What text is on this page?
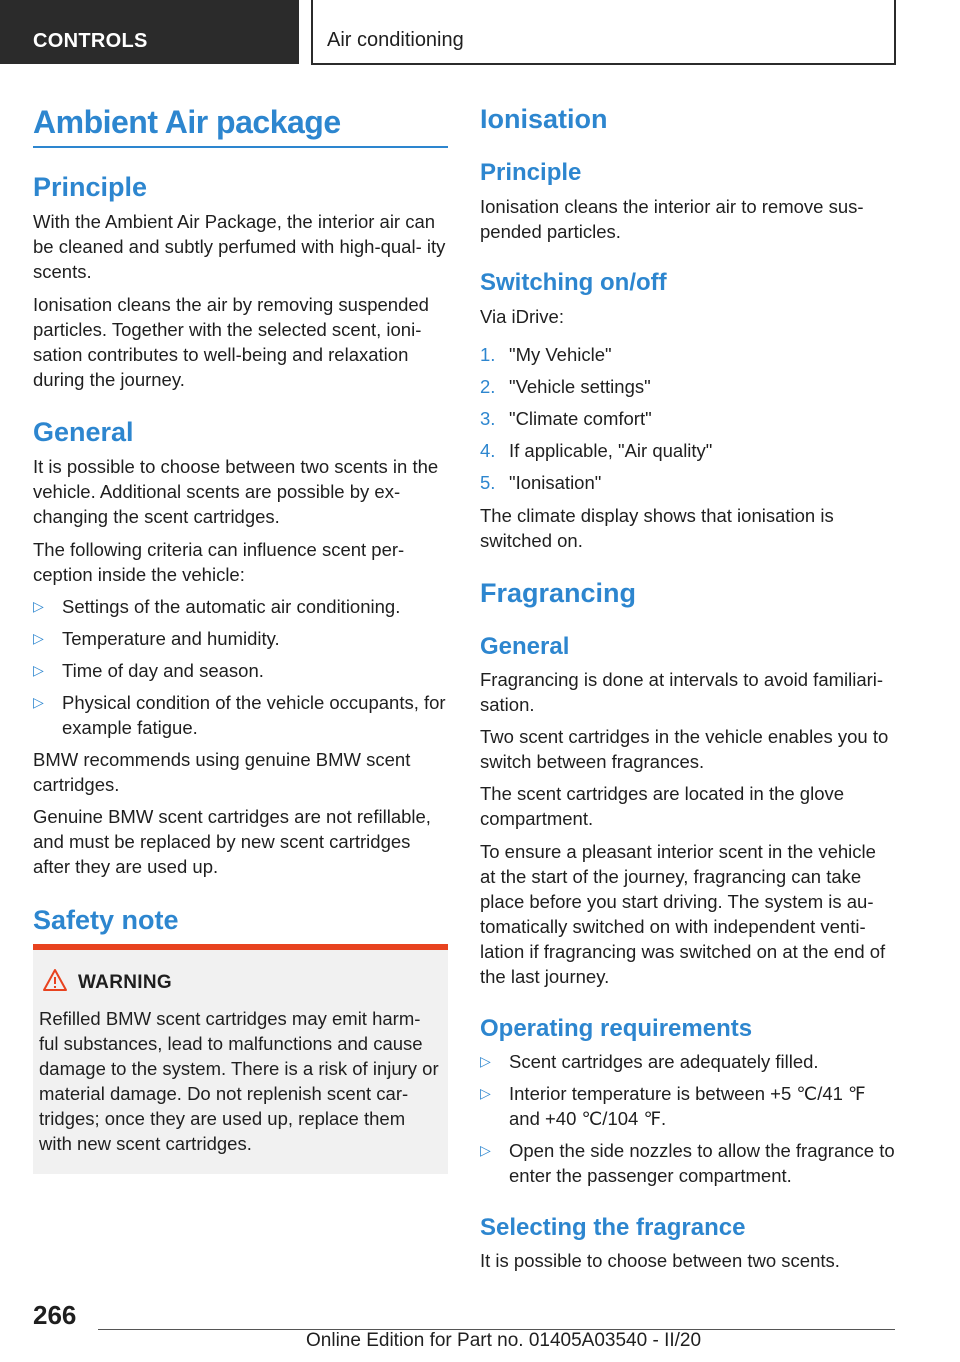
CONTROLS	Air conditioning
Ambient Air package
Principle
With the Ambient Air Package, the interior air can be cleaned and subtly perfumed with high-qual‐ ity scents.
Ionisation cleans the air by removing suspended particles. Together with the selected scent, ioni‐ sation contributes to well-being and relaxation during the journey.
General
It is possible to choose between two scents in the vehicle. Additional scents are possible by ex‐ changing the scent cartridges.
The following criteria can influence scent per‐ ception inside the vehicle:
▷ Settings of the automatic air conditioning.
▷ Temperature and humidity.
▷ Time of day and season.
▷ Physical condition of the vehicle occupants, for example fatigue.
BMW recommends using genuine BMW scent cartridges.
Genuine BMW scent cartridges are not refillable, and must be replaced by new scent cartridges after they are used up.
Safety note
WARNING
Refilled BMW scent cartridges may emit harm‐ ful substances, lead to malfunctions and cause damage to the system. There is a risk of injury or material damage. Do not replenish scent car‐ tridges; once they are used up, replace them with new scent cartridges.
Ionisation
Principle
Ionisation cleans the interior air to remove sus‐ pended particles.
Switching on/off
Via iDrive:
1. "My Vehicle"
2. "Vehicle settings"
3. "Climate comfort"
4. If applicable, "Air quality"
5. "Ionisation"
The climate display shows that ionisation is switched on.
Fragrancing
General
Fragrancing is done at intervals to avoid familiari‐ sation.
Two scent cartridges in the vehicle enables you to switch between fragrances.
The scent cartridges are located in the glove compartment.
To ensure a pleasant interior scent in the vehicle at the start of the journey, fragrancing can take place before you start driving. The system is au‐ tomatically switched on with independent venti‐ lation if fragrancing was switched on at the end of the last journey.
Operating requirements
▷ Scent cartridges are adequately filled.
▷ Interior temperature is between +5 ℃/41 ℉ and +40 ℃/104 ℉.
▷ Open the side nozzles to allow the fragrance to enter the passenger compartment.
Selecting the fragrance
It is possible to choose between two scents.
266
Online Edition for Part no. 01405A03540 - II/20
